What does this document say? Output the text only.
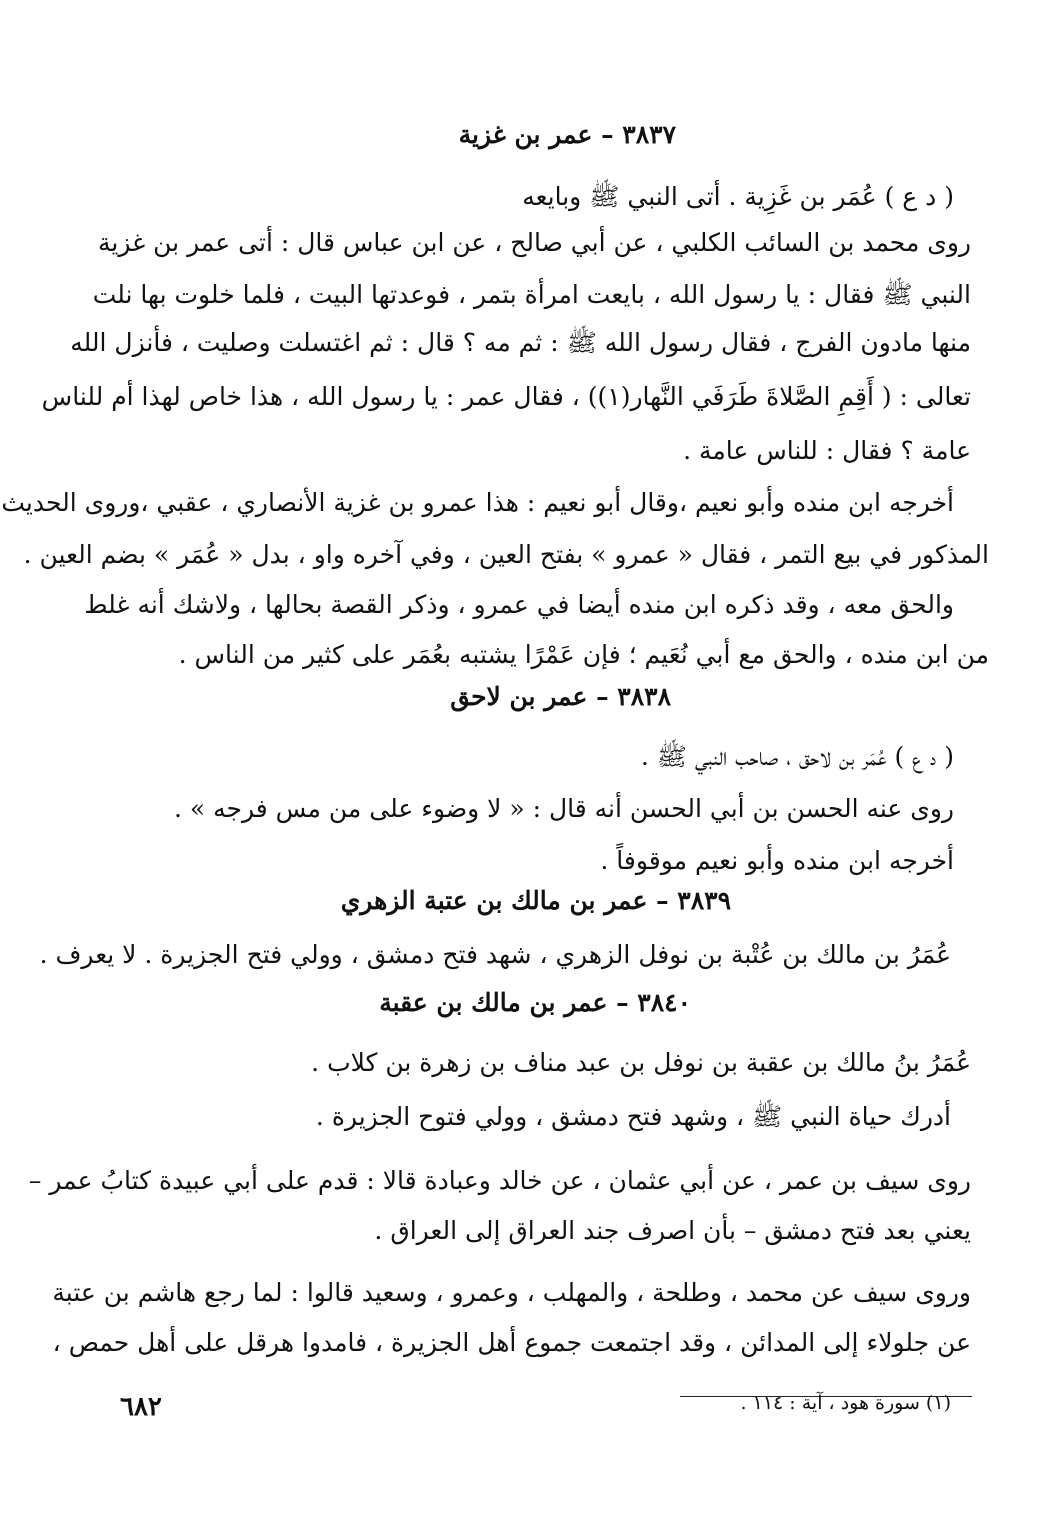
٣٨٣٧ – عمر بن غزية
( د ع ) عُمَر بن غَزِية . أتى النبي ﷺ وبايعه
روى محمد بن السائب الكلبي ، عن أبي صالح ، عن ابن عباس قال : أتى عمر بن غزية
النبي ﷺ فقال : يا رسول الله ، بايعت امرأة بتمر ، فوعدتها البيت ، فلما خلوت بها نلت
منها مادون الفرج ، فقال رسول الله ﷺ : ثم مه ؟ قال : ثم اغتسلت وصليت ، فأنزل الله
تعالى : ( أَقِمِ الصَّلاةَ طَرَفَي النَّهار(١)) ، فقال عمر : يا رسول الله ، هذا خاص لهذا أم للناس
عامة ؟ فقال : للناس عامة .
أخرجه ابن منده وأبو نعيم ،وقال أبو نعيم : هذا عمرو بن غزية الأنصاري ، عقبي ،وروى الحديث
المذكور في بيع التمر ، فقال « عمرو » بفتح العين ، وفي آخره واو ، بدل « عُمَر » بضم العين .
والحق معه ، وقد ذكره ابن منده أيضا في عمرو ، وذكر القصة بحالها ، ولاشك أنه غلط
من ابن منده ، والحق مع أبي نُعَيم ؛ فإن عَمْرًا يشتبه بعُمَر على كثير من الناس .
٣٨٣٨ – عمر بن لاحق
( د ع ) عُمَر بن لاحق ، صاحب النبي ﷺ .
روى عنه الحسن بن أبي الحسن أنه قال : « لا وضوء على من مس فرجه » .
أخرجه ابن منده وأبو نعيم موقوفاً .
٣٨٣٩ – عمر بن مالك بن عتبة الزهري
عُمَرُ بن مالك بن عُتْبة بن نوفل الزهري ، شهد فتح دمشق ، وولي فتح الجزيرة . لا يعرف .
٣٨٤٠ – عمر بن مالك بن عقبة
عُمَرُ بنُ مالك بن عقبة بن نوفل بن عبد مناف بن زهرة بن كلاب .
أدرك حياة النبي ﷺ ، وشهد فتح دمشق ، وولي فتوح الجزيرة .
روى سيف بن عمر ، عن أبي عثمان ، عن خالد وعبادة قالا : قدم على أبي عبيدة كتابُ عمر –
يعني بعد فتح دمشق – بأن اصرف جند العراق إلى العراق .
وروى سيف عن محمد ، وطلحة ، والمهلب ، وعمرو ، وسعيد قالوا : لما رجع هاشم بن عتبة
عن جلولاء إلى المدائن ، وقد اجتمعت جموع أهل الجزيرة ، فامدوا هرقل على أهل حمص ،
(١) سورة هود ، آية : ١١٤ .
٦٨٢
